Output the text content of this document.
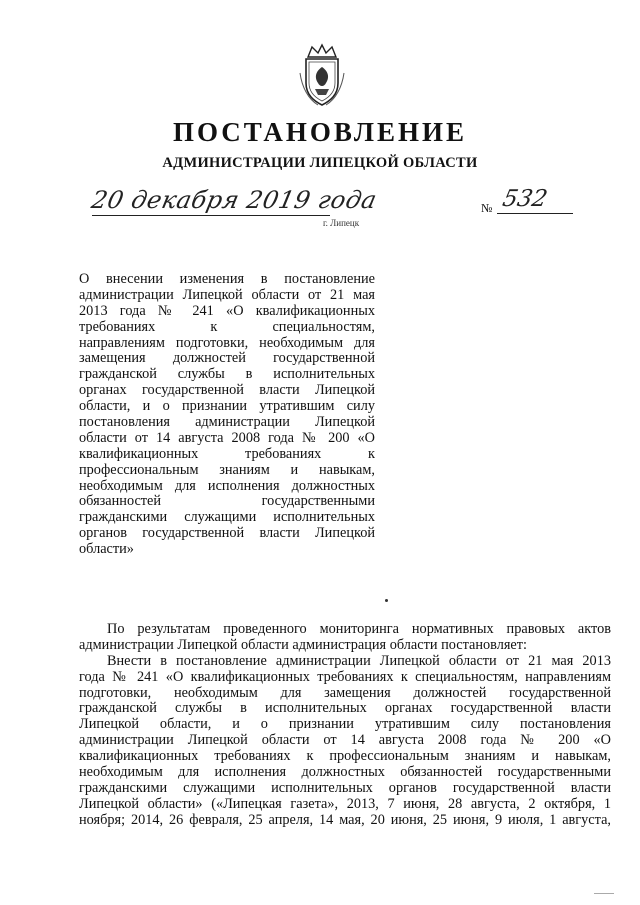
ПОСТАНОВЛЕНИЕ
АДМИНИСТРАЦИИ ЛИПЕЦКОЙ ОБЛАСТИ
20 декабря 2019 года
г. Липецк
№ 532
О внесении изменения в постановление
администрации Липецкой области от 21 мая
2013 года № 241 «О квалификационных
требованиях к специальностям,
направлениям подготовки, необходимым для
замещения должностей государственной
гражданской службы в исполнительных
органах государственной власти Липецкой
области, и о признании утратившим силу
постановления администрации Липецкой
области от 14 августа 2008 года № 200 «О
квалификационных требованиях к
профессиональным знаниям и навыкам,
необходимым для исполнения должностных
обязанностей государственными
гражданскими служащими исполнительных
органов государственной власти Липецкой
области»
По результатам проведенного мониторинга нормативных правовых актов
администрации Липецкой области администрация области постановляет:
Внести в постановление администрации Липецкой области от 21 мая 2013
года № 241 «О квалификационных требованиях к специальностям, направлениям
подготовки, необходимым для замещения должностей государственной
гражданской службы в исполнительных органах государственной власти
Липецкой области, и о признании утратившим силу постановления
администрации Липецкой области от 14 августа 2008 года № 200 «О
квалификационных требованиях к профессиональным знаниям и навыкам,
необходимым для исполнения должностных обязанностей государственными
гражданскими служащими исполнительных органов государственной власти
Липецкой области» («Липецкая газета», 2013, 7 июня, 28 августа, 2 октября, 1
ноября; 2014, 26 февраля, 25 апреля, 14 мая, 20 июня, 25 июня, 9 июля, 1 августа,
